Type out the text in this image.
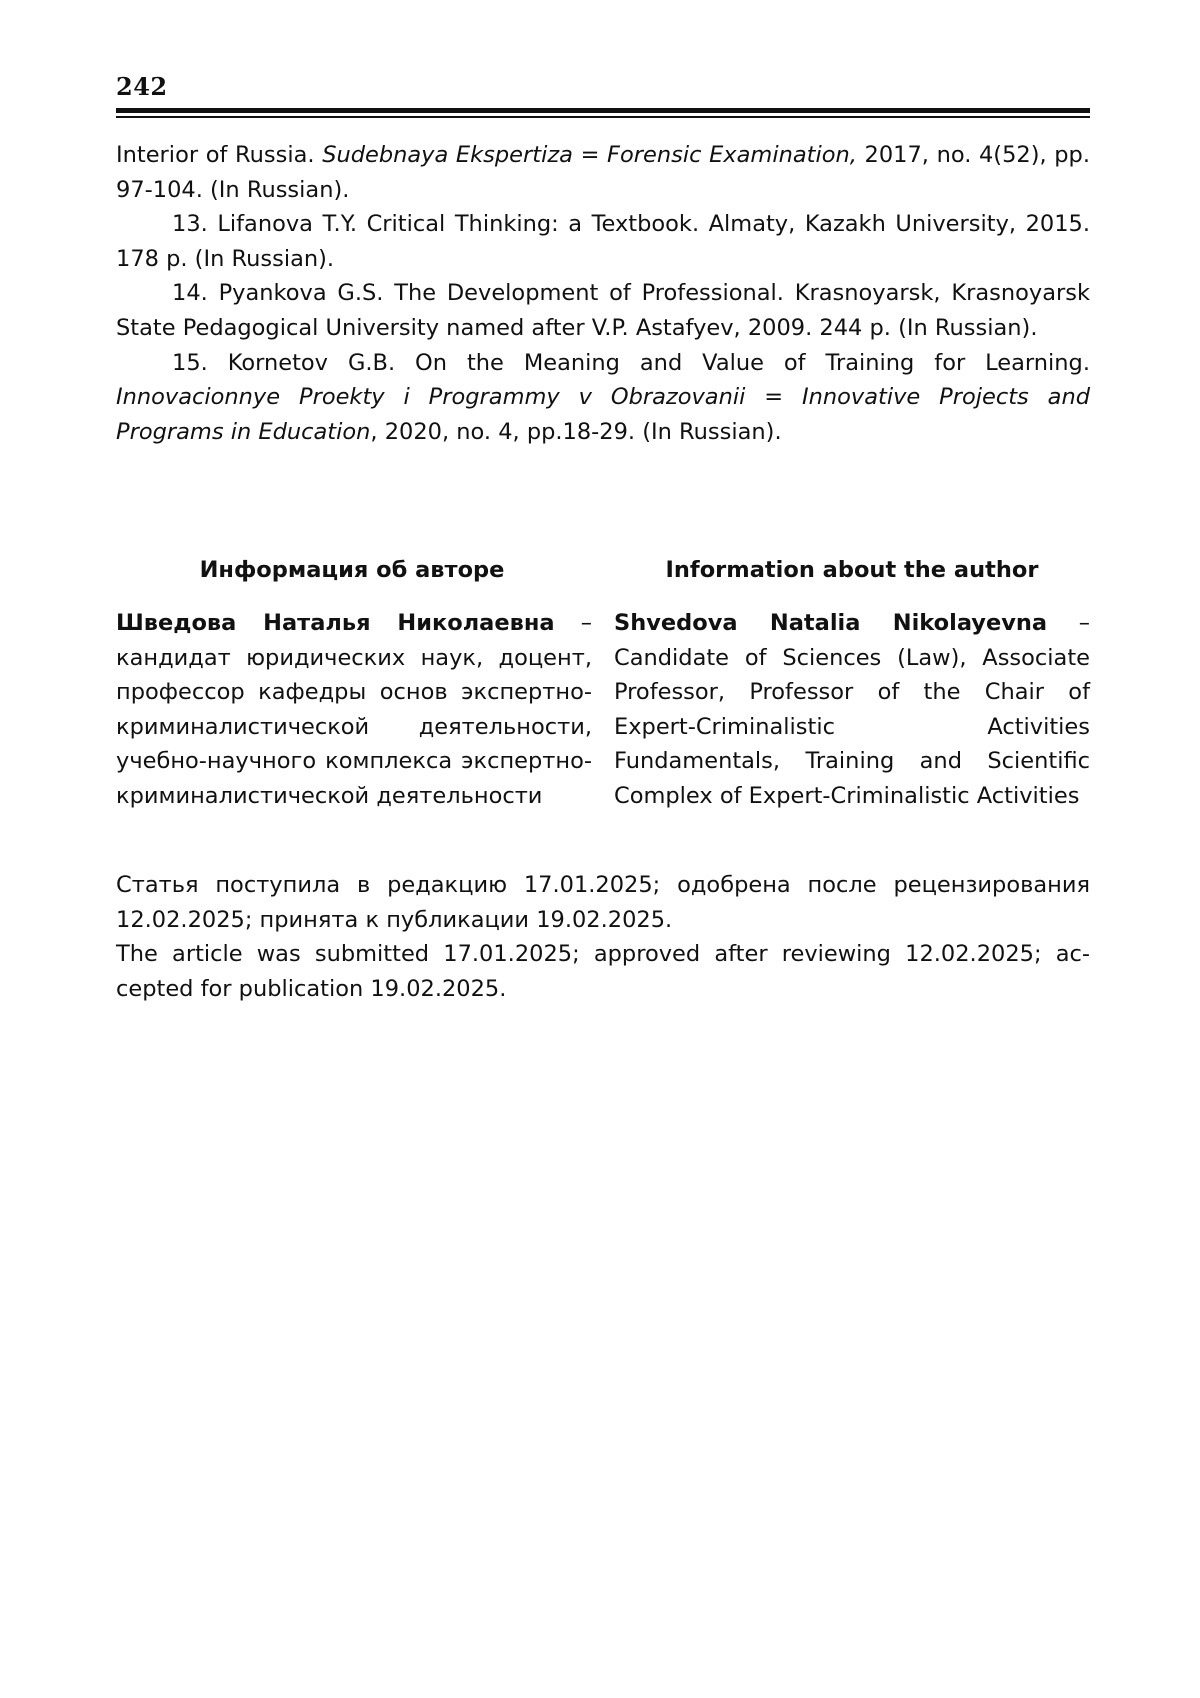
242

Interior of Russia. Sudebnaya Ekspertiza = Forensic Examination, 2017, no. 4(52), pp. 97-104. (In Russian).

13. Lifanova T.Y. Critical Thinking: a Textbook. Almaty, Kazakh University, 2015. 178 p. (In Russian).

14. Pyankova G.S. The Development of Professional. Krasnoyarsk, Krasnoyarsk State Pedagogical University named after V.P. Astafyev, 2009. 244 p. (In Russian).

15. Kornetov G.B. On the Meaning and Value of Training for Learning. Innovacionnye Proekty i Programmy v Obrazovanii = Innovative Projects and Programs in Education, 2020, no. 4, pp.18-29. (In Russian).

Информация об авторе	Information about the author

Шведова Наталья Николаевна – кандидат юридических наук, доцент, профессор кафедры основ экспертно-криминалистической деятельности, учебно-научного комплекса экспертно-криминалистической деятельности

Shvedova Natalia Nikolayevna – Candidate of Sciences (Law), Associate Professor, Professor of the Chair of Expert-Criminalistic Activities Fundamentals, Training and Scientific Complex of Expert-Criminalistic Activities

Статья поступила в редакцию 17.01.2025; одобрена после рецензирования 12.02.2025; принята к публикации 19.02.2025.

The article was submitted 17.01.2025; approved after reviewing 12.02.2025; ac-cepted for publication 19.02.2025.
